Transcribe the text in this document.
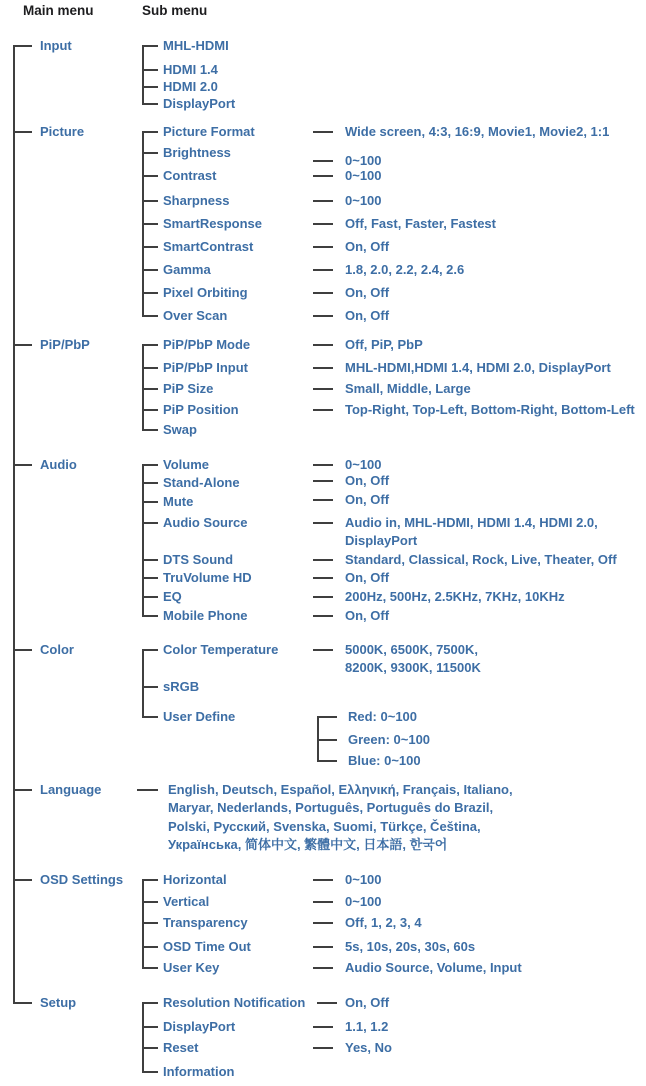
Main menu	Sub menu
Input
Picture
PiP/PbP
Audio
Color
Language
OSD Settings
Setup
MHL-HDMI
HDMI 1.4
HDMI 2.0
DisplayPort
Picture Format
Brightness
Contrast
Sharpness
SmartResponse
SmartContrast
Gamma
Pixel Orbiting
Over Scan
Wide screen, 4:3, 16:9, Movie1, Movie2, 1:1
0~100
0~100
0~100
Off, Fast, Faster, Fastest
On, Off
1.8, 2.0, 2.2, 2.4, 2.6
On, Off
On, Off
PiP/PbP Mode
PiP/PbP Input
PiP Size
PiP Position
Swap
Off, PiP, PbP
MHL-HDMI,HDMI 1.4, HDMI 2.0, DisplayPort
Small, Middle, Large
Top-Right, Top-Left, Bottom-Right, Bottom-Left
Volume
Stand-Alone
Mute
Audio Source
DTS Sound
TruVolume HD
EQ
Mobile Phone
0~100
On, Off
On, Off
Audio in, MHL-HDMI, HDMI 1.4, HDMI 2.0,
DisplayPort
Standard, Classical, Rock, Live, Theater, Off
On, Off
200Hz, 500Hz, 2.5KHz, 7KHz, 10KHz
On, Off
Color Temperature
sRGB
User Define
5000K, 6500K, 7500K,
8200K, 9300K, 11500K
Red: 0~100
Green: 0~100
Blue: 0~100
English, Deutsch, Español, Ελληνική, Français, Italiano,
Maryar, Nederlands, Português, Português do Brazil,
Polski, Русский, Svenska, Suomi, Türkçe, Čeština,
Українська, 简体中文, 繁體中文, 日本語, 한국어
Horizontal
Vertical
Transparency
OSD Time Out
User Key
0~100
0~100
Off, 1, 2, 3, 4
5s, 10s, 20s, 30s, 60s
Audio Source, Volume, Input
Resolution Notification
DisplayPort
Reset
Information
On, Off
1.1, 1.2
Yes, No
